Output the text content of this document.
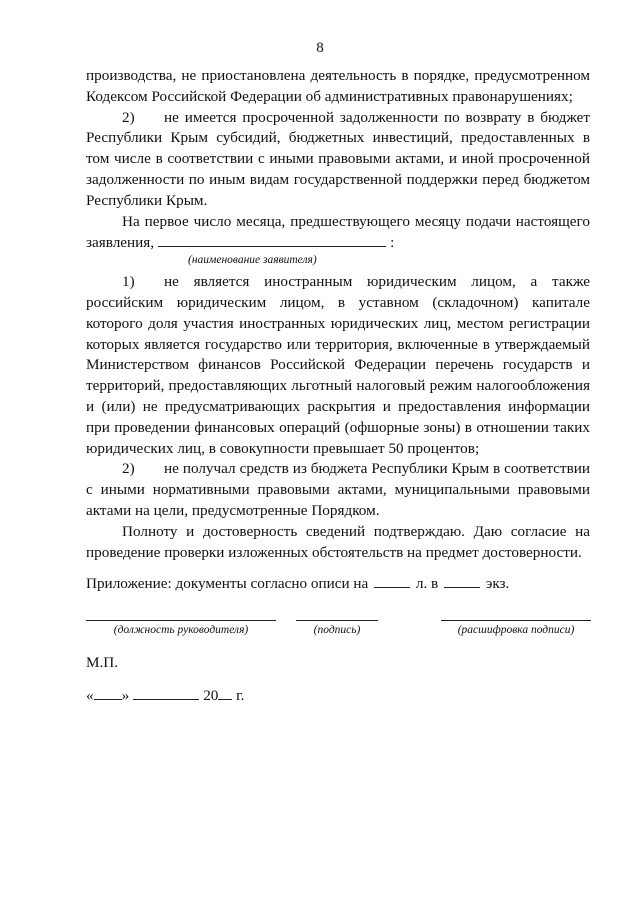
8

производства, не приостановлена деятельность в порядке, предусмотренном Кодексом Российской Федерации об административных правонарушениях;

2) не имеется просроченной задолженности по возврату в бюджет Республики Крым субсидий, бюджетных инвестиций, предоставленных в том числе в соответствии с иными правовыми актами, и иной просроченной задолженности по иным видам государственной поддержки перед бюджетом Республики Крым.

На первое число месяца, предшествующего месяцу подачи настоящего заявления,	:

(наименование заявителя)

1) не является иностранным юридическим лицом, а также российским юридическим лицом, в уставном (складочном) капитале которого доля участия иностранных юридических лиц, местом регистрации которых является государство или территория, включенные в утверждаемый Министерством финансов Российской Федерации перечень государств и территорий, предоставляющих льготный налоговый режим налогообложения и (или) не предусматривающих раскрытия и предоставления информации при проведении финансовых операций (офшорные зоны) в отношении таких юридических лиц, в совокупности превышает 50 процентов;

2) не получал средств из бюджета Республики Крым в соответствии с иными нормативными правовыми актами, муниципальными правовыми актами на цели, предусмотренные Порядком.

Полноту и достоверность сведений подтверждаю. Даю согласие на проведение проверки изложенных обстоятельств на предмет достоверности.

Приложение: документы согласно описи на	л. в	экз.
(должность руководителя)	(подпись)	(расшифровка подписи)
М.П.
« »	20 г.
